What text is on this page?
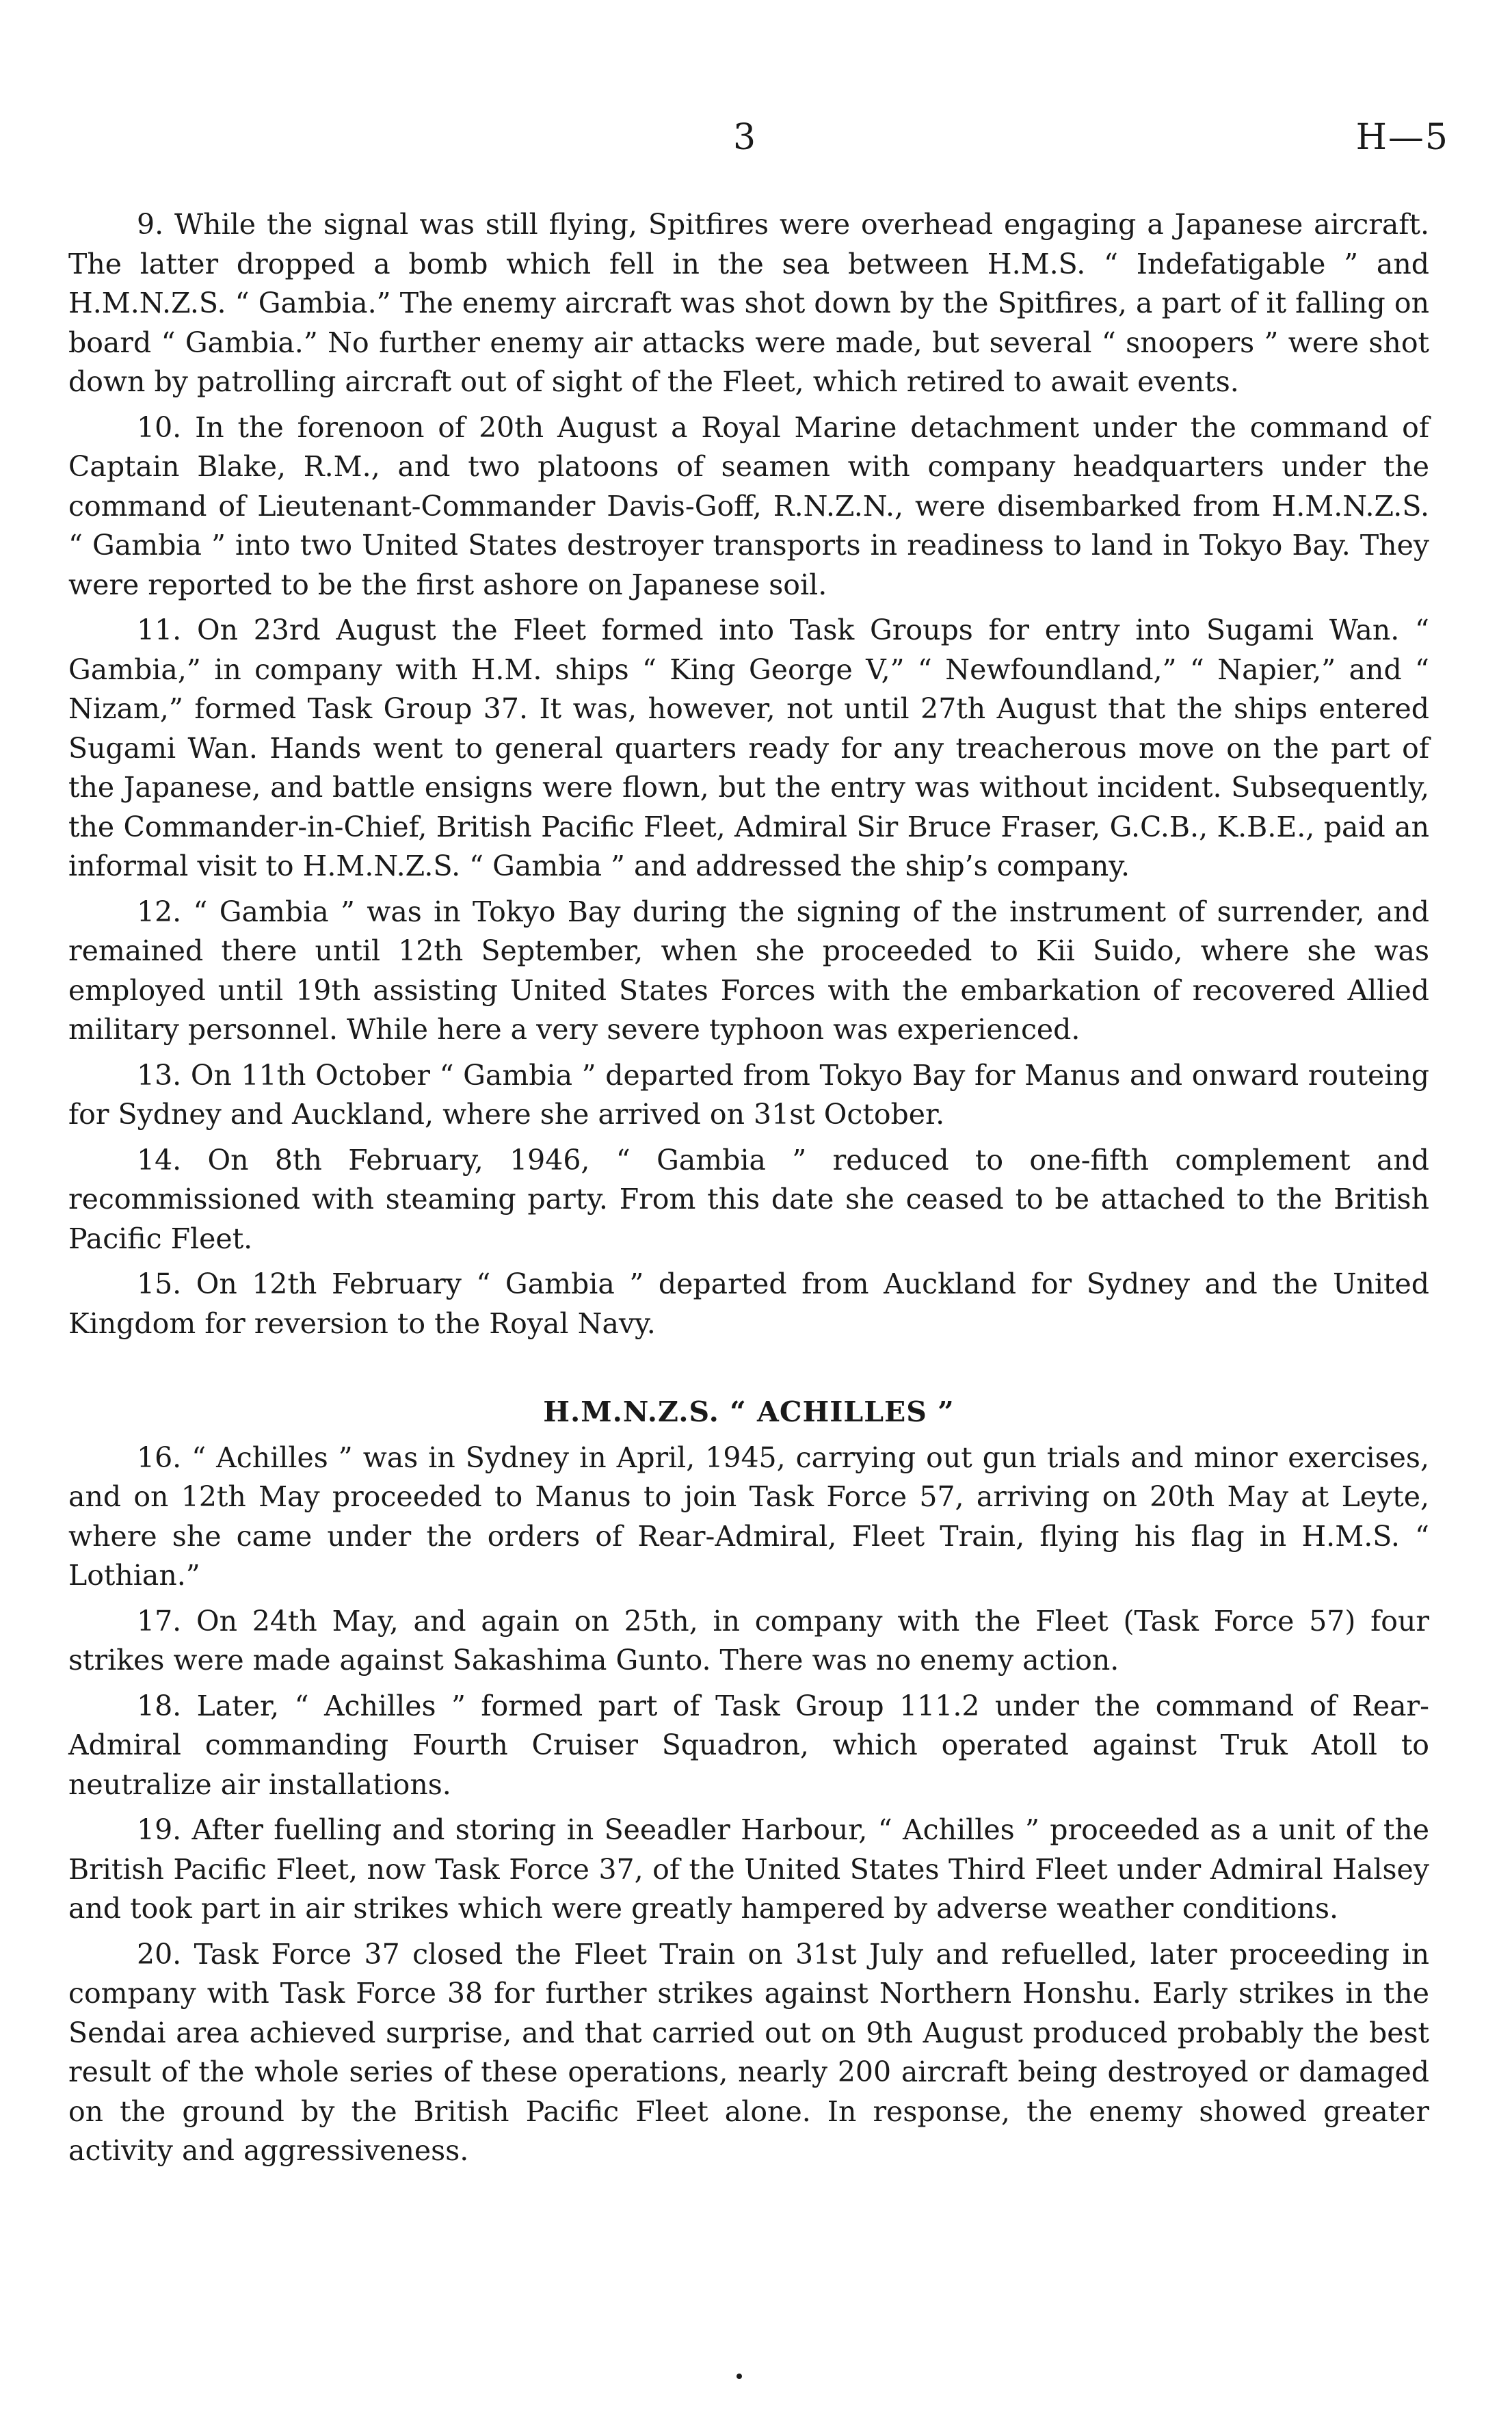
3	H—5

9. While the signal was still flying, Spitfires were overhead engaging a Japanese aircraft. The latter dropped a bomb which fell in the sea between H.M.S. “ Indefatigable ” and H.M.N.Z.S. “ Gambia.” The enemy aircraft was shot down by the Spitfires, a part of it falling on board “ Gambia.” No further enemy air attacks were made, but several “ snoopers ” were shot down by patrolling aircraft out of sight of the Fleet, which retired to await events.

10. In the forenoon of 20th August a Royal Marine detachment under the command of Captain Blake, R.M., and two platoons of seamen with company headquarters under the command of Lieutenant-Commander Davis-Goff, R.N.Z.N., were disembarked from H.M.N.Z.S. “ Gambia ” into two United States destroyer transports in readiness to land in Tokyo Bay. They were reported to be the first ashore on Japanese soil.

11. On 23rd August the Fleet formed into Task Groups for entry into Sugami Wan. “ Gambia,” in company with H.M. ships “ King George V,” “ Newfoundland,” “ Napier,” and “ Nizam,” formed Task Group 37. It was, however, not until 27th August that the ships entered Sugami Wan. Hands went to general quarters ready for any treacherous move on the part of the Japanese, and battle ensigns were flown, but the entry was without incident. Subsequently, the Commander-in-Chief, British Pacific Fleet, Admiral Sir Bruce Fraser, G.C.B., K.B.E., paid an informal visit to H.M.N.Z.S. “ Gambia ” and addressed the ship’s company.

12. “ Gambia ” was in Tokyo Bay during the signing of the instrument of surrender, and remained there until 12th September, when she proceeded to Kii Suido, where she was employed until 19th assisting United States Forces with the embarkation of recovered Allied military personnel. While here a very severe typhoon was experienced.

13. On 11th October “ Gambia ” departed from Tokyo Bay for Manus and onward routeing for Sydney and Auckland, where she arrived on 31st October.

14. On 8th February, 1946, “ Gambia ” reduced to one-fifth complement and recommissioned with steaming party. From this date she ceased to be attached to the British Pacific Fleet.

15. On 12th February “ Gambia ” departed from Auckland for Sydney and the United Kingdom for reversion to the Royal Navy.

H.M.N.Z.S. “ ACHILLES ”

16. “ Achilles ” was in Sydney in April, 1945, carrying out gun trials and minor exercises, and on 12th May proceeded to Manus to join Task Force 57, arriving on 20th May at Leyte, where she came under the orders of Rear-Admiral, Fleet Train, flying his flag in H.M.S. “ Lothian.”

17. On 24th May, and again on 25th, in company with the Fleet (Task Force 57) four strikes were made against Sakashima Gunto. There was no enemy action.

18. Later, “ Achilles ” formed part of Task Group 111.2 under the command of Rear-Admiral commanding Fourth Cruiser Squadron, which operated against Truk Atoll to neutralize air installations.

19. After fuelling and storing in Seeadler Harbour, “ Achilles ” proceeded as a unit of the British Pacific Fleet, now Task Force 37, of the United States Third Fleet under Admiral Halsey and took part in air strikes which were greatly hampered by adverse weather conditions.

20. Task Force 37 closed the Fleet Train on 31st July and refuelled, later proceeding in company with Task Force 38 for further strikes against Northern Honshu. Early strikes in the Sendai area achieved surprise, and that carried out on 9th August produced probably the best result of the whole series of these operations, nearly 200 aircraft being destroyed or damaged on the ground by the British Pacific Fleet alone. In response, the enemy showed greater activity and aggressiveness.
